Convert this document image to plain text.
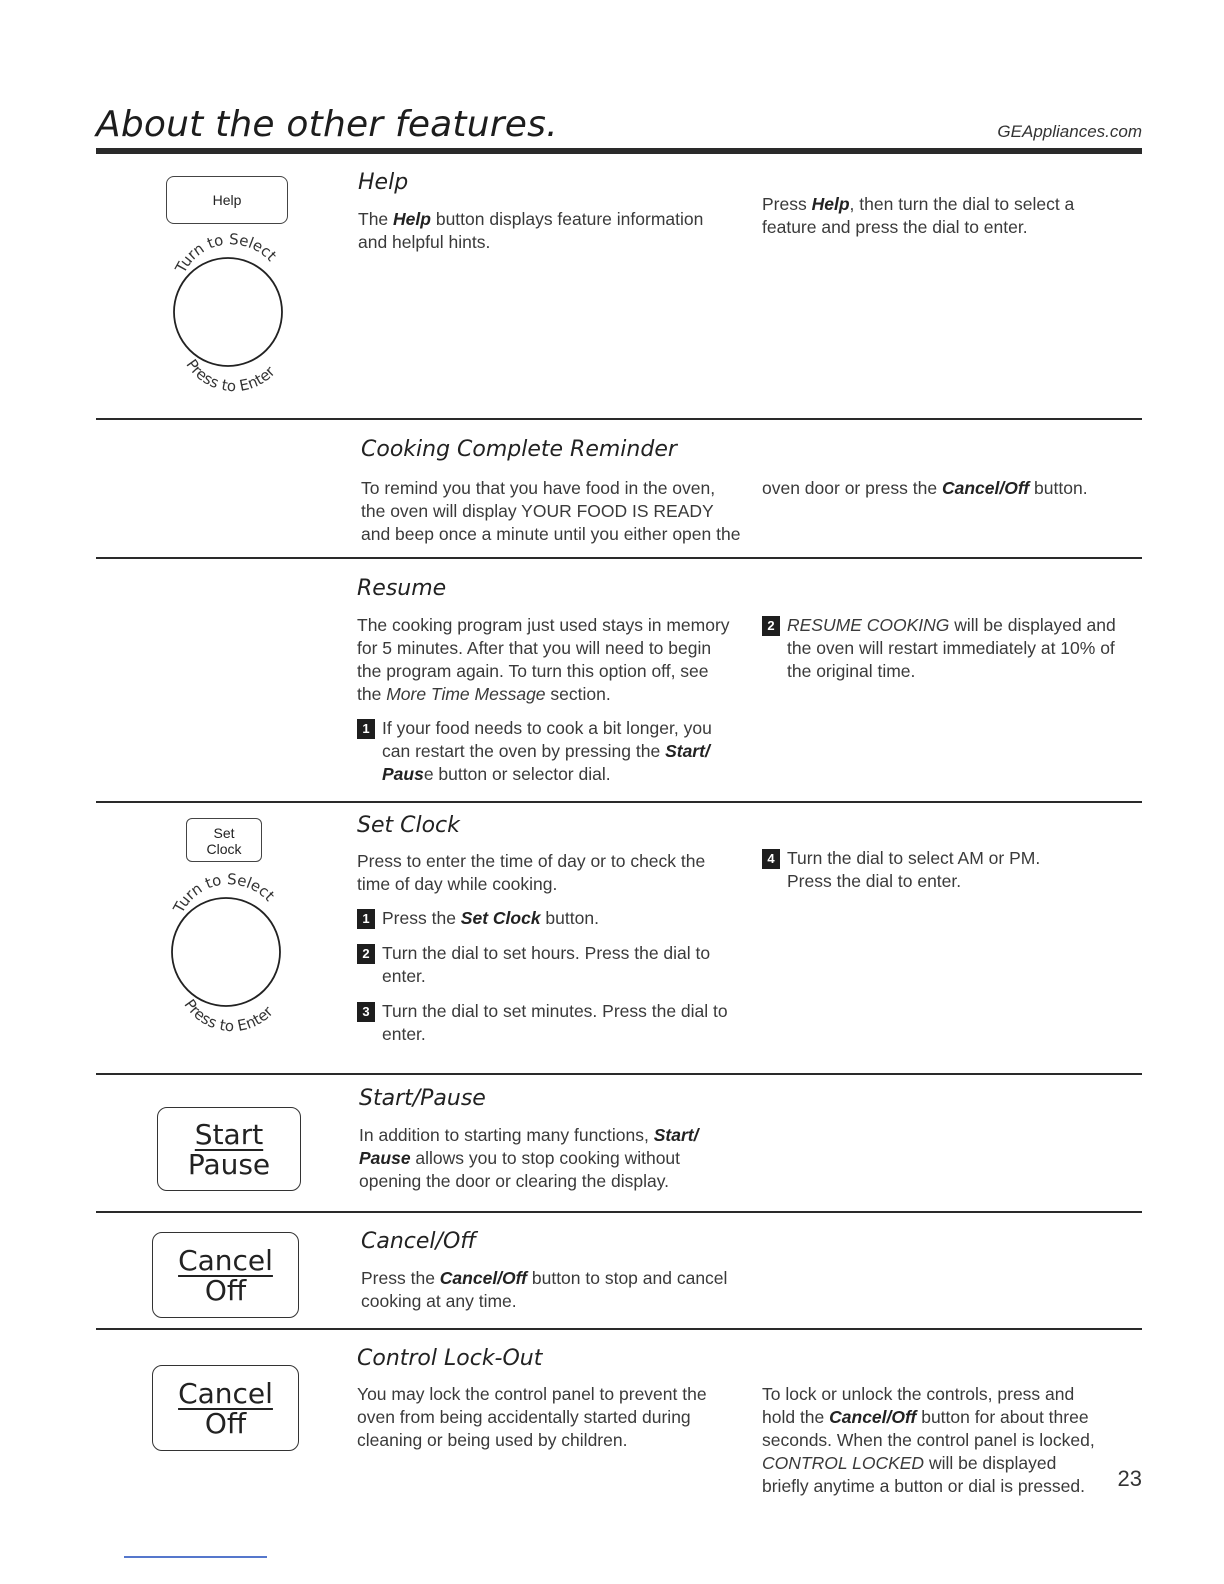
About the other features.	GEAppliances.com
Help
Turn to Select
Press to Enter
Help
The Help button displays feature information and helpful hints.
Press Help, then turn the dial to select a feature and press the dial to enter.
Cooking Complete Reminder
To remind you that you have food in the oven, the oven will display YOUR FOOD IS READY and beep once a minute until you either open the
oven door or press the Cancel/Off button.
Resume
The cooking program just used stays in memory for 5 minutes. After that you will need to begin the program again. To turn this option off, see the More Time Message section.
1 If your food needs to cook a bit longer, you can restart the oven by pressing the Start/ Pause button or selector dial.
2 RESUME COOKING will be displayed and the oven will restart immediately at 10% of the original time.
Set
Clock
Turn to Select
Press to Enter
Set Clock
Press to enter the time of day or to check the time of day while cooking.
1 Press the Set Clock button.
2 Turn the dial to set hours. Press the dial to enter.
3 Turn the dial to set minutes. Press the dial to enter.
4 Turn the dial to select AM or PM. Press the dial to enter.
Start
Pause
Start/Pause
In addition to starting many functions, Start/ Pause allows you to stop cooking without opening the door or clearing the display.
Cancel
Off
Cancel/Off
Press the Cancel/Off button to stop and cancel cooking at any time.
Cancel
Off
Control Lock-Out
You may lock the control panel to prevent the oven from being accidentally started during cleaning or being used by children.
To lock or unlock the controls, press and hold the Cancel/Off button for about three seconds. When the control panel is locked, CONTROL LOCKED will be displayed briefly anytime a button or dial is pressed.	23
